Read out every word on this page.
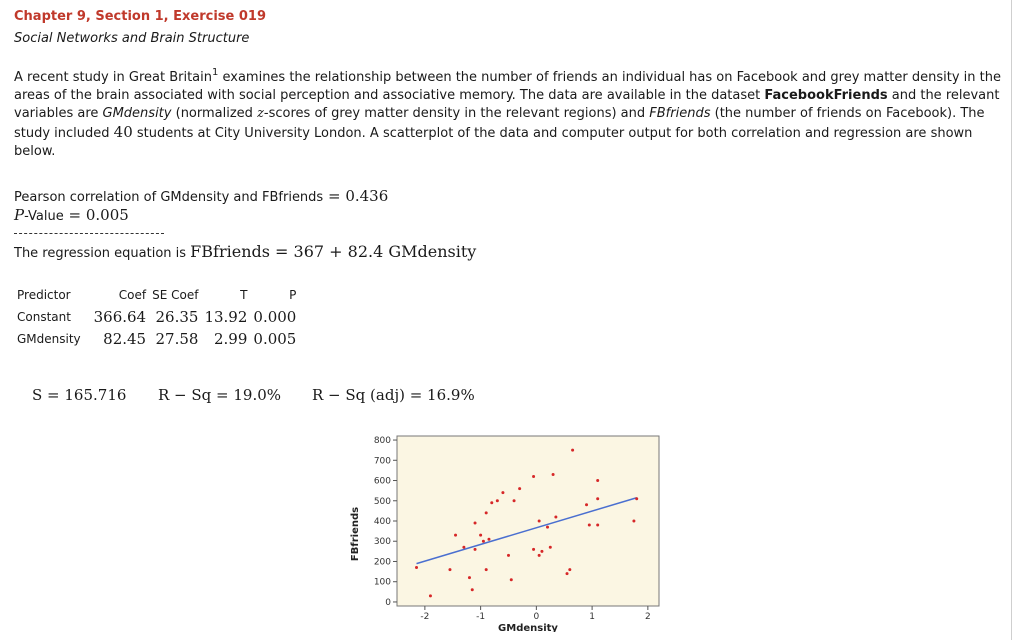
Chapter 9, Section 1, Exercise 019
Social Networks and Brain Structure
A recent study in Great Britain$^1$ examines the relationship between the number of friends an individual has on Facebook and grey matter density in the areas of the brain associated with social perception and associative memory. The data are available in the dataset FacebookFriends and the relevant variables are GMdensity (normalized z-scores of grey matter density in the relevant regions) and FBfriends (the number of friends on Facebook). The study included 40 students at City University London. A scatterplot of the data and computer output for both correlation and regression are shown below.
Pearson correlation of GMdensity and FBfriends = 0.436
P-Value = 0.005
The regression equation is FBfriends = 367 + 82.4 GMdensity
Predictor	Coef	SE Coef	T	P
Constant	366.64	26.35	13.92	0.000
GMdensity	82.45	27.58	2.99	0.005
S = 165.716 R − Sq = 19.0% R − Sq (adj) = 16.9%
FBfriends
GMdensity
0
100
200
300
400
500
600
700
800
-2	-1	0	1	2
